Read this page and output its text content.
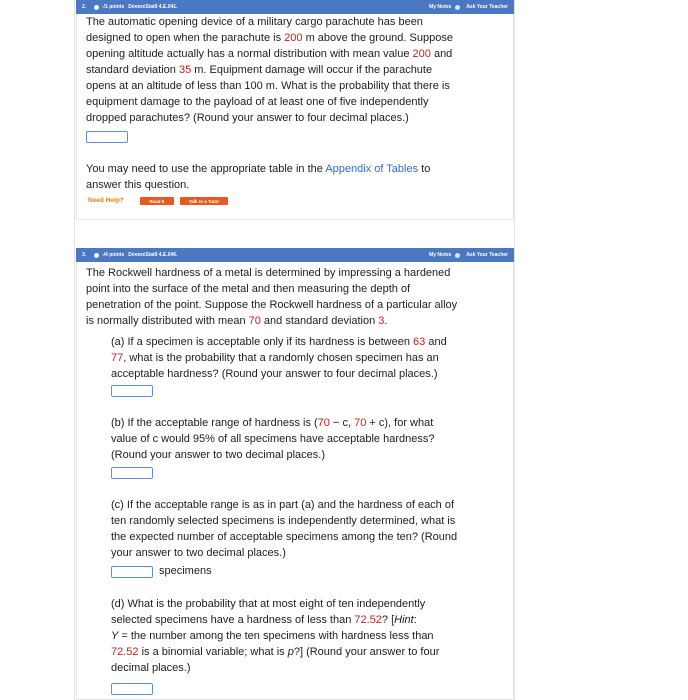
2.	-/1 points DevoreStat9 4.E.041.	My Notes	Ask Your Teacher
The automatic opening device of a military cargo parachute has been
designed to open when the parachute is 200 m above the ground. Suppose
opening altitude actually has a normal distribution with mean value 200 and
standard deviation 35 m. Equipment damage will occur if the parachute
opens at an altitude of less than 100 m. What is the probability that there is
equipment damage to the payload of at least one of five independently
dropped parachutes? (Round your answer to four decimal places.)
You may need to use the appropriate table in the Appendix of Tables to
answer this question.
Need Help?	Read It	Talk to a Tutor
3.	-/4 points DevoreStat9 4.E.046.	My Notes	Ask Your Teacher
The Rockwell hardness of a metal is determined by impressing a hardened
point into the surface of the metal and then measuring the depth of
penetration of the point. Suppose the Rockwell hardness of a particular alloy
is normally distributed with mean 70 and standard deviation 3.
(a) If a specimen is acceptable only if its hardness is between 63 and
77, what is the probability that a randomly chosen specimen has an
acceptable hardness? (Round your answer to four decimal places.)
(b) If the acceptable range of hardness is (70 − c, 70 + c), for what
value of c would 95% of all specimens have acceptable hardness?
(Round your answer to two decimal places.)
(c) If the acceptable range is as in part (a) and the hardness of each of
ten randomly selected specimens is independently determined, what is
the expected number of acceptable specimens among the ten? (Round
your answer to two decimal places.)
specimens
(d) What is the probability that at most eight of ten independently
selected specimens have a hardness of less than 72.52? [Hint:
Y = the number among the ten specimens with hardness less than
72.52 is a binomial variable; what is p?] (Round your answer to four
decimal places.)
